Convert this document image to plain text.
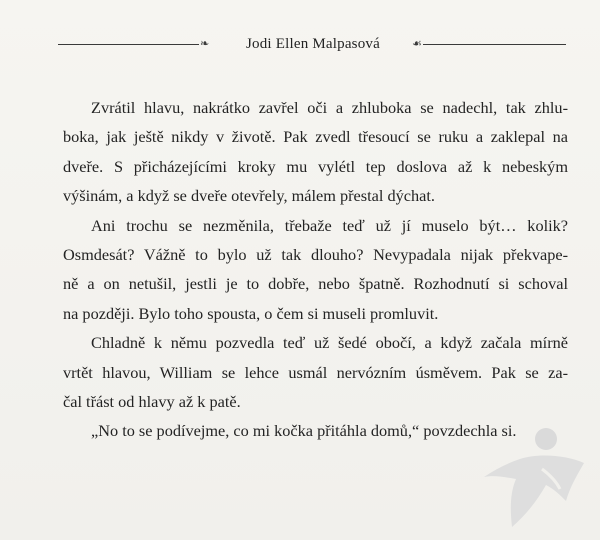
❧	Jodi Ellen Malpasová	☙

Zvrátil hlavu, nakrátko zavřel oči a zhluboka se nadechl, tak zhlu-
boka, jak ještě nikdy v životě. Pak zvedl třesoucí se ruku a zaklepal na
dveře. S přicházejícími kroky mu vylétl tep doslova až k nebeským
výšinám, a když se dveře otevřely, málem přestal dýchat.

Ani trochu se nezměnila, třebaže teď už jí muselo být… kolik?
Osmdesát? Vážně to bylo už tak dlouho? Nevypadala nijak překvape-
ně a on netušil, jestli je to dobře, nebo špatně. Rozhodnutí si schoval
na později. Bylo toho spousta, o čem si museli promluvit.

Chladně k němu pozvedla teď už šedé obočí, a když začala mírně
vrtět hlavou, William se lehce usmál nervózním úsměvem. Pak se za-
čal třást od hlavy až k patě.

„No to se podívejme, co mi kočka přitáhla domů,“ povzdechla si.
